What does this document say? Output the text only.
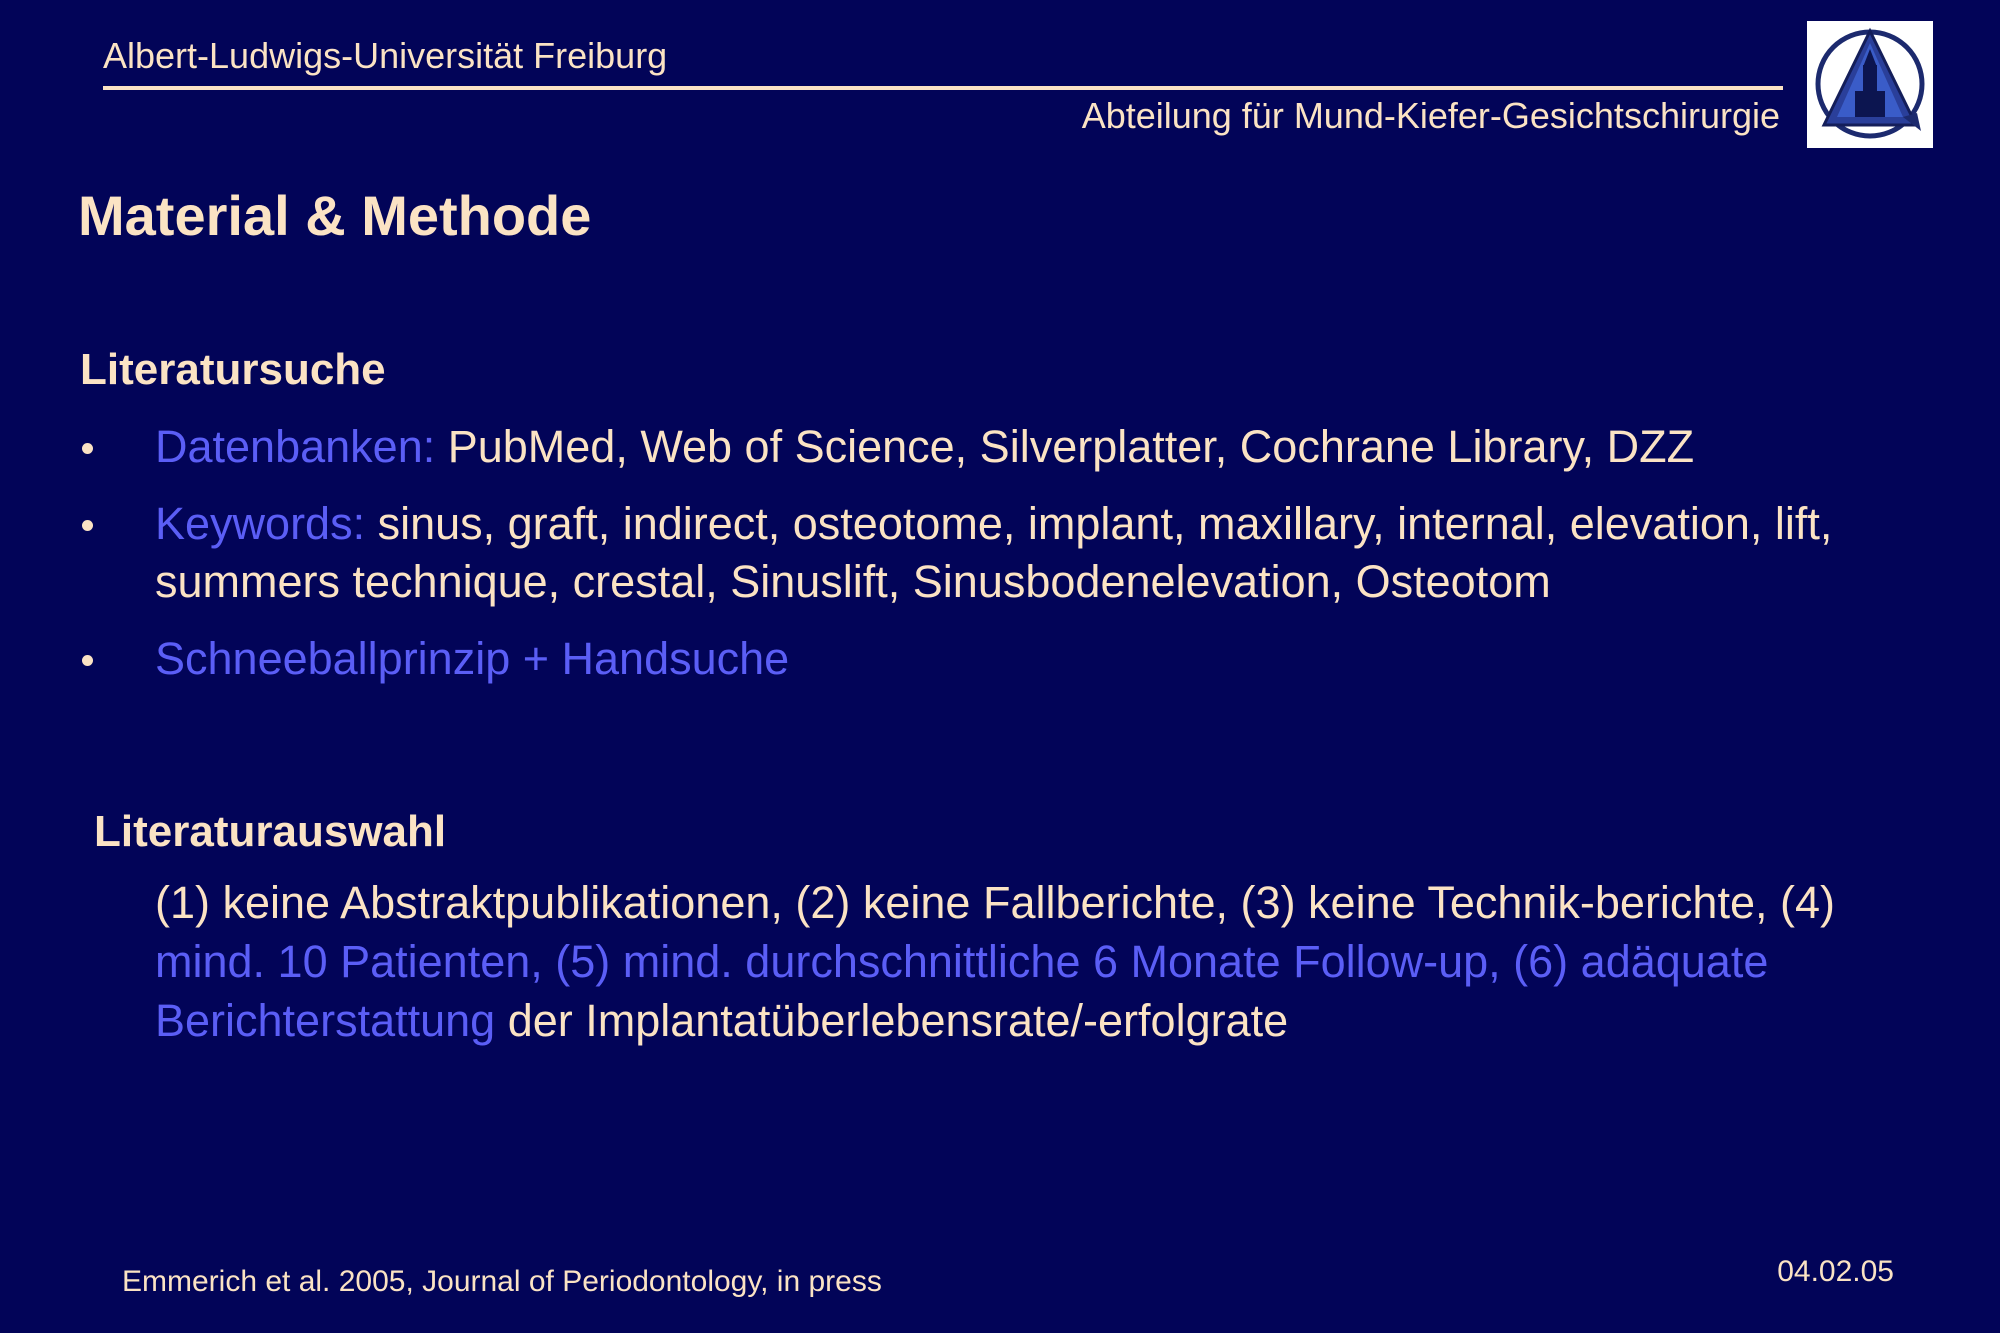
Albert-Ludwigs-Universität Freiburg
Abteilung für Mund-Kiefer-Gesichtschirurgie
Material & Methode
Literatursuche
Datenbanken: PubMed, Web of Science, Silverplatter, Cochrane Library, DZZ
Keywords: sinus, graft, indirect, osteotome, implant, maxillary, internal, elevation, lift, summers technique, crestal, Sinuslift, Sinusbodenelevation, Osteotom
Schneeballprinzip + Handsuche
Literaturauswahl
(1) keine Abstraktpublikationen, (2) keine Fallberichte, (3) keine Technik-berichte, (4) mind. 10 Patienten, (5) mind. durchschnittliche 6 Monate Follow-up, (6) adäquate Berichterstattung der Implantatüberlebensrate/-erfolgrate
Emmerich et al. 2005, Journal of Periodontology, in press	04.02.05
